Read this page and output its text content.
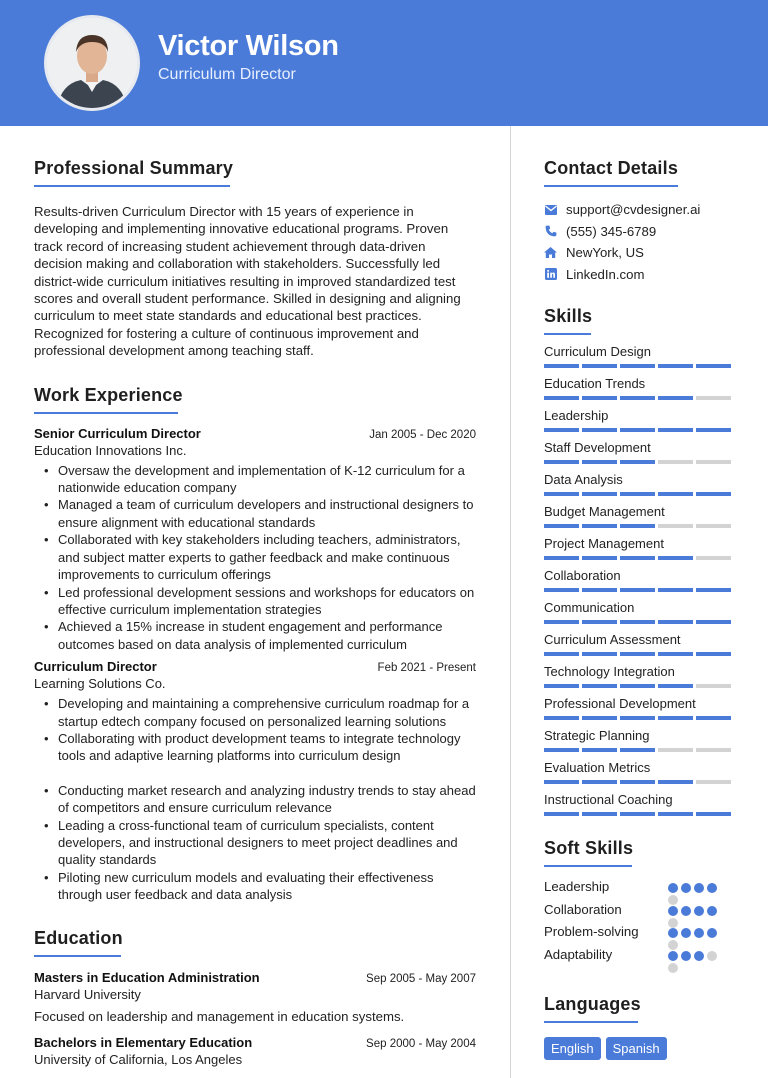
Victor Wilson
Curriculum Director
Professional Summary

Results-driven Curriculum Director with 15 years of experience in developing and implementing innovative educational programs. Proven track record of increasing student achievement through data-driven decision making and collaboration with stakeholders. Successfully led district-wide curriculum initiatives resulting in improved standardized test scores and overall student performance. Skilled in designing and aligning curriculum to meet state standards and educational best practices. Recognized for fostering a culture of continuous improvement and professional development among teaching staff.

Work Experience
Senior Curriculum Director	Jan 2005 - Dec 2020
Education Innovations Inc.
• Oversaw the development and implementation of K-12 curriculum for a nationwide education company
• Managed a team of curriculum developers and instructional designers to ensure alignment with educational standards
• Collaborated with key stakeholders including teachers, administrators, and subject matter experts to gather feedback and make continuous improvements to curriculum offerings
• Led professional development sessions and workshops for educators on effective curriculum implementation strategies
• Achieved a 15% increase in student engagement and performance outcomes based on data analysis of implemented curriculum
Curriculum Director	Feb 2021 - Present
Learning Solutions Co.
• Developing and maintaining a comprehensive curriculum roadmap for a startup edtech company focused on personalized learning solutions
• Collaborating with product development teams to integrate technology tools and adaptive learning platforms into curriculum design
• Conducting market research and analyzing industry trends to stay ahead of competitors and ensure curriculum relevance
• Leading a cross-functional team of curriculum specialists, content developers, and instructional designers to meet project deadlines and quality standards
• Piloting new curriculum models and evaluating their effectiveness through user feedback and data analysis
Education
Masters in Education Administration	Sep 2005 - May 2007
Harvard University

Focused on leadership and management in education systems.

Bachelors in Elementary Education	Sep 2000 - May 2004
University of California, Los Angeles
Contact Details
support@cvdesigner.ai
(555) 345-6789
NewYork, US
LinkedIn.com
Skills
Curriculum Design
Education Trends
Leadership
Staff Development
Data Analysis
Budget Management
Project Management
Collaboration
Communication
Curriculum Assessment
Technology Integration
Professional Development
Strategic Planning
Evaluation Metrics
Instructional Coaching
Soft Skills
Leadership
Collaboration
Problem-solving
Adaptability
Languages
English	Spanish
